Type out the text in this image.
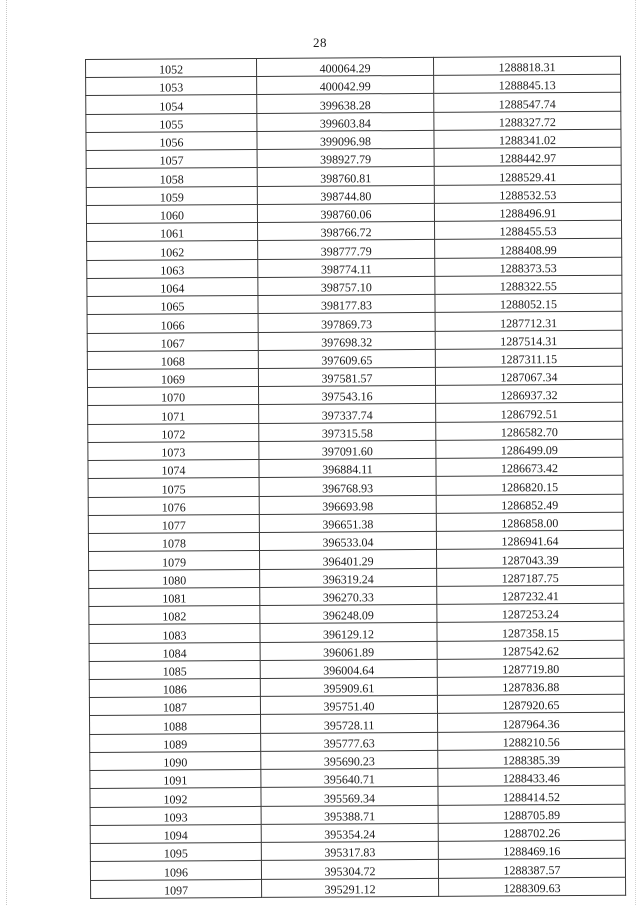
28
1052	400064.29	1288818.31
1053	400042.99	1288845.13
1054	399638.28	1288547.74
1055	399603.84	1288327.72
1056	399096.98	1288341.02
1057	398927.79	1288442.97
1058	398760.81	1288529.41
1059	398744.80	1288532.53
1060	398760.06	1288496.91
1061	398766.72	1288455.53
1062	398777.79	1288408.99
1063	398774.11	1288373.53
1064	398757.10	1288322.55
1065	398177.83	1288052.15
1066	397869.73	1287712.31
1067	397698.32	1287514.31
1068	397609.65	1287311.15
1069	397581.57	1287067.34
1070	397543.16	1286937.32
1071	397337.74	1286792.51
1072	397315.58	1286582.70
1073	397091.60	1286499.09
1074	396884.11	1286673.42
1075	396768.93	1286820.15
1076	396693.98	1286852.49
1077	396651.38	1286858.00
1078	396533.04	1286941.64
1079	396401.29	1287043.39
1080	396319.24	1287187.75
1081	396270.33	1287232.41
1082	396248.09	1287253.24
1083	396129.12	1287358.15
1084	396061.89	1287542.62
1085	396004.64	1287719.80
1086	395909.61	1287836.88
1087	395751.40	1287920.65
1088	395728.11	1287964.36
1089	395777.63	1288210.56
1090	395690.23	1288385.39
1091	395640.71	1288433.46
1092	395569.34	1288414.52
1093	395388.71	1288705.89
1094	395354.24	1288702.26
1095	395317.83	1288469.16
1096	395304.72	1288387.57
1097	395291.12	1288309.63
